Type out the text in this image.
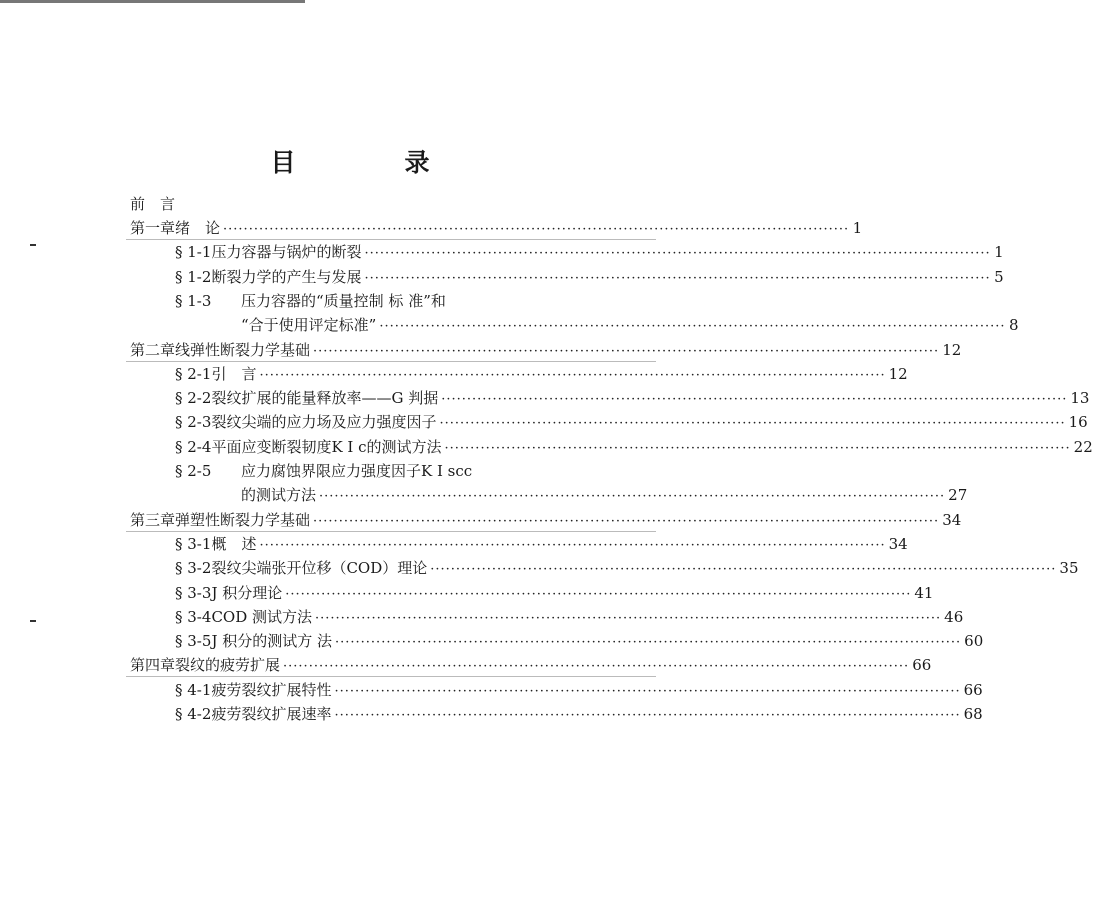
目　录
前　言
第一章 绪　论 ·························································································································· 1
§ 1-1 压力容器与锅炉的断裂 ·························································································································· 1
§ 1-2 断裂力学的产生与发展 ·························································································································· 5
§ 1-3	压力容器的“质量控制 标 准”和
“合于使用评定标准” ·························································································································· 8
第二章 线弹性断裂力学基础 ·························································································································· 12
§ 2-1 引　言 ·························································································································· 12
§ 2-2 裂纹扩展的能量释放率——G 判据 ·························································································································· 13
§ 2-3 裂纹尖端的应力场及应力强度因子 ·························································································································· 16
§ 2-4 平面应变断裂韧度K I c的测试方法 ·························································································································· 22
§ 2-5	应力腐蚀界限应力强度因子K I scc
的测试方法 ·························································································································· 27
第三章 弹塑性断裂力学基础 ·························································································································· 34
§ 3-1 概　述 ·························································································································· 34
§ 3-2 裂纹尖端张开位移（COD）理论 ·························································································································· 35
§ 3-3 J 积分理论 ·························································································································· 41
§ 3-4 COD 测试方法 ·························································································································· 46
§ 3-5 J 积分的测试方 法 ·························································································································· 60
第四章 裂纹的疲劳扩展 ·························································································································· 66
§ 4-1 疲劳裂纹扩展特性 ·························································································································· 66
§ 4-2 疲劳裂纹扩展速率 ·························································································································· 68
